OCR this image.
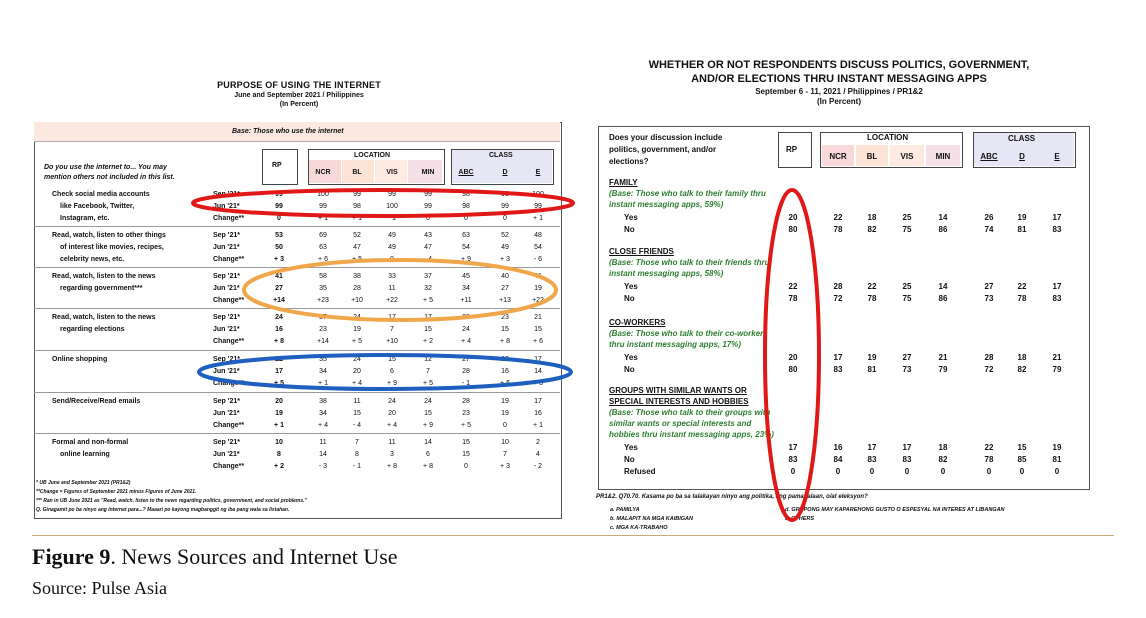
PURPOSE OF USING THE INTERNET
June and September 2021 / Philippines
(In Percent)
Base: Those who use the internet
RP
LOCATION	CLASS
NCR	BL	VIS	MIN	ABC	D	E
Do you use the internet to... You may
mention others not included in this list.
Check social media accounts
like Facebook, Twitter,
Instagram, etc.
Sep '21*	99	100	99	99	99	98	99	100
Jun '21*	99	99	98	100	99	98	99	99
Change**	0	+ 1	+ 1	- 1	0	0	0	+ 1
Read, watch, listen to other things
of interest like movies, recipes,
celebrity news, etc.
Sep '21*	53	69	52	49	43	63	52	48
Jun '21*	50	63	47	49	47	54	49	54
Change**	+ 3	+ 6	+ 5	0	- 4	+ 9	+ 3	- 6
Read, watch, listen to the news
regarding government***
Sep '21*	41	58	38	33	37	45	40	41
Jun '21*	27	35	28	11	32	34	27	19
Change**	+14	+23	+10	+22	+ 5	+11	+13	+22
Read, watch, listen to the news
regarding elections
Sep '21*	24	37	24	17	17	28	23	21
Jun '21*	16	23	19	7	15	24	15	15
Change**	+ 8	+14	+ 5	+10	+ 2	+ 4	+ 8	+ 6
Online shopping	Sep '21*	22	35	24	15	12	27	22	17
Jun '21*	17	34	20	6	7	28	16	14
Change**	+ 5	+ 1	+ 4	+ 9	+ 5	- 1	+ 6	+ 3
Send/Receive/Read emails	Sep '21*	20	38	11	24	24	28	19	17
Jun '21*	19	34	15	20	15	23	19	16
Change**	+ 1	+ 4	- 4	+ 4	+ 9	+ 5	0	+ 1
Formal and non-formal
online learning
Sep '21*	10	11	7	11	14	15	10	2
Jun '21*	8	14	8	3	6	15	7	4
Change**	+ 2	- 3	- 1	+ 8	+ 8	0	+ 3	- 2
* UB June and September 2021 (PR1&2)
**Change = Figures of September 2021 minus Figures of June 2021.
*** Ran in UB June 2021 as "Read, watch, listen to the news regarding politics, government, and social problems."
Q. Ginagamit po ba ninyo ang internet para...? Maaari po kayong magbanggit ng iba pang wala sa listahan.
WHETHER OR NOT RESPONDENTS DISCUSS POLITICS, GOVERNMENT,
AND/OR ELECTIONS THRU INSTANT MESSAGING APPS
September 6 - 11, 2021 / Philippines / PR1&2
(In Percent)
RP
LOCATION	CLASS
NCR	BL	VIS	MIN	ABC	D	E
Does your discussion include
politics, government, and/or
elections?
FAMILY
(Base: Those who talk to their family thru
instant messaging apps, 59%)
Yes	20	22	18	25	14	26	19	17
No	80	78	82	75	86	74	81	83
CLOSE FRIENDS
(Base: Those who talk to their friends thru
instant messaging apps, 58%)
Yes	22	28	22	25	14	27	22	17
No	78	72	78	75	86	73	78	83
CO-WORKERS
(Base: Those who talk to their co-workers
thru instant messaging apps, 17%)
Yes	20	17	19	27	21	28	18	21
No	80	83	81	73	79	72	82	79
GROUPS WITH SIMILAR WANTS OR
SPECIAL INTERESTS AND HOBBIES
(Base: Those who talk to their groups with
similar wants or special interests and
hobbies thru instant messaging apps, 23%)
Yes	17	16	17	17	18	22	15	19
No	83	84	83	83	82	78	85	81
Refused	0	0	0	0	0	0	0	0
PR1&2. Q70.70. Kasama po ba sa talakayan ninyo ang politika, ang pamahalaan, o/at eleksyon?
a. PAMILYA
b. MALAPIT NA MGA KAIBIGAN
c. MGA KA-TRABAHO
d. GRUPONG MAY KAPAREHONG GUSTO O ESPESYAL NA INTERES AT LIBANGAN
e. OTHERS
Figure 9. News Sources and Internet Use
Source: Pulse Asia
